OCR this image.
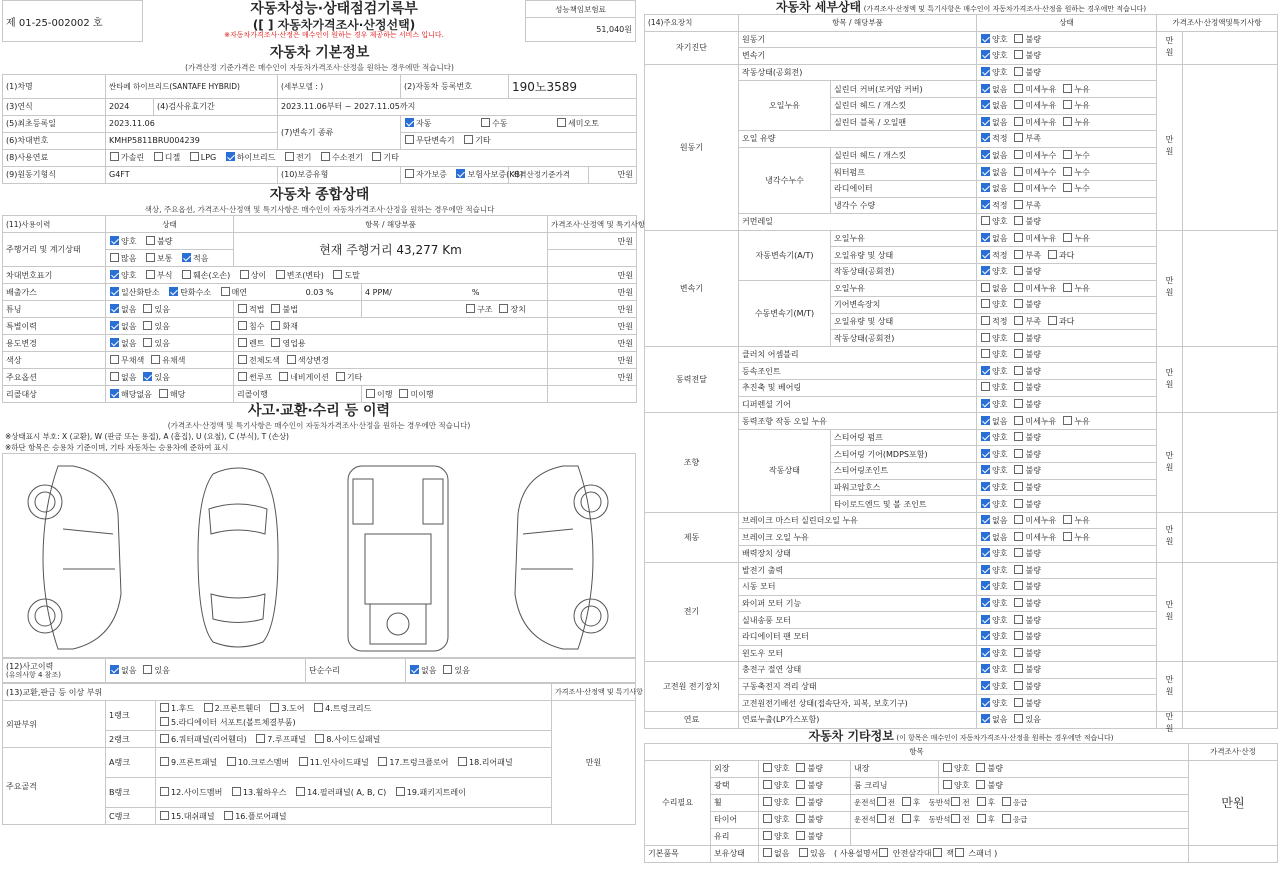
제 01-25-002002 호	자동차성능·상태점검기록부	성능책임보험료

	([ ] 자동차가격조사·산정선택)
※자동차가격조사·산정은 매수인이 원하는 경우 제공하는 서비스 입니다.	51,040원
자동차 기본정보						
(가격산정 기준가격은 매수인이 자동차가격조사·산정을 원하는 경우에만 적습니다)						
(1)차명	싼타페 하이브리드(SANTAFE HYBRID)		(세부모델 : )	(2)자동차 등록번호	190노3589	
(3)연식	2024	(4)검사유효기간	2023.11.06부터 ~ 2027.11.05까지			
(5)최초등록일	2023.11.06		(7)변속기 종류	자동 수동 세미오토		
(6)차대번호	KMHP5811BRU004239			무단변속기 기타		
(8)사용연료	가솔린 디젤 LPG 하이브리드 전기 수소전기 기타					
(9)원동기형식	G4FT		(10)보증유형	자가보증 보험사보증(KB)	가격산정기준가격	만원
자동차 종합상태				
색상, 주요옵션, 가격조사·산정액 및 특기사항은 매수인이 자동차가격조사·산정을 원하는 경우에만 적습니다				
(11)사용이력	상태	항목 / 해당부품		가격조사·산정액 및 특기사항
주행거리 및 계기상태	양호 불량	현재 주행거리 43,277 Km		만원
	많음 보통 적음			
차대번호표기	양호 부식 훼손(오손) 상이 변조(변타) 도말			만원
배출가스	일산화탄소 탄화수소 매연 0.03 %		4 PPM/ %	만원
튜닝	없음 있음	적법 불법	구조 장치	만원
특별이력	없음 있음	침수 화재		만원
용도변경	없음 있음	렌트 영업용		만원
색상	무채색 유채색	전체도색 색상변경		만원
주요옵션	없음 있음	썬루프 네비게이션 기타		만원
리콜대상	해당없음 해당	리콜이행	이행 미이행	
사고·교환·수리 등 이력
(가격조사·산정액 및 특기사항은 매수인이 자동차가격조사·산정을 원하는 경우에만 적습니다)
※상태표시 부호: X (교환), W (판금 또는 용접), A (흠집), U (요철), C (부식), T (손상)
※하단 항목은 승용차 기준이며, 기타 자동차는 승용차에 준하여 표시
(12)사고이력
(유의사항 4 참조)	없음 있음	단순수리	없음 있음
(13)교환,판금 등 이상 부위			가격조사·산정액 및 특기사항
외판부위	1랭크	1.후드 2.프론트휀더 3.도어 4.트렁크리드
5.라디에이터 서포트(볼트체결부품)	만원
	2랭크	6.쿼터패널(리어휀더) 7.루프패널 8.사이드실패널	
주요골격	A랭크	9.프론트패널 10.크로스멤버 11.인사이드패널 17.트렁크플로어 18.리어패널	
	B랭크	12.사이드멤버 13.휠하우스 14.필러패널( A, B, C) 19.패키지트레이	
	C랭크	15.대쉬패널 16.플로어패널	
자동차 세부상태 (가격조사·산정액 및 특기사항은 매수인이 자동차가격조사·산정을 원하는 경우에만 적습니다)
(14)주요장치	항목 / 해당부품		상태	가격조사·산정액및특기사항	
자기진단	원동기		양호 불량	만원	
	변속기		양호 불량		
원동기	작동상태(공회전)		양호 불량	만원	
	오일누유	실린더 커버(로커암 커버)	없음 미세누유 누유		
		실린더 헤드 / 개스킷	없음 미세누유 누유		
		실린더 블록 / 오일팬	없음 미세누유 누유		
	오일 유량		적정 부족		
	냉각수누수	실린더 헤드 / 개스킷	없음 미세누수 누수		
		워터펌프	없음 미세누수 누수		
		라디에이터	없음 미세누수 누수		
		냉각수 수량	적정 부족		
	커먼레일		양호 불량		
변속기	자동변속기(A/T)	오일누유	없음 미세누유 누유	만원	
		오일유량 및 상태	적정 부족 과다		
		작동상태(공회전)	양호 불량		
	수동변속기(M/T)	오일누유	없음 미세누유 누유		
		기어변속장치	양호 불량		
		오일유량 및 상태	적정 부족 과다		
		작동상태(공회전)	양호 불량		
동력전달	클러치 어셈블리		양호 불량	만원	
	등속조인트		양호 불량		
	추진축 및 베어링		양호 불량		
	디퍼렌셜 기어		양호 불량		
조향	동력조향 작동 오일 누유		없음 미세누유 누유	만원	
	작동상태	스티어링 펌프	양호 불량		
		스티어링 기어(MDPS포함)	양호 불량		
		스티어링조인트	양호 불량		
		파워고압호스	양호 불량		
		타이로드엔드 및 볼 조인트	양호 불량		
제동	브레이크 마스터 실린더오일 누유		없음 미세누유 누유	만원	
	브레이크 오일 누유		없음 미세누유 누유		
	배력장치 상태		양호 불량		
전기	발전기 출력		양호 불량	만원	
	시동 모터		양호 불량		
	와이퍼 모터 기능		양호 불량		
	실내송풍 모터		양호 불량		
	라디에이터 팬 모터		양호 불량		
	윈도우 모터		양호 불량		
고전원 전기장치	충전구 절연 상태		양호 불량	만원	
	구동축전지 격리 상태		양호 불량		
	고전원전기배선 상태(접속단자, 피복, 보호기구)		양호 불량		
연료	연료누출(LP가스포함)		없음 있음	만원	
자동차 기타정보 (이 항목은 매수인이 자동차가격조사·산정을 원하는 경우에만 적습니다)
항목					가격조사·산정
수리필요	외장	양호 불량	내장	양호 불량	만원
	광택	양호 불량	룸 크리닝	양호 불량	
	휠	양호 불량	운전석 전 후 동반석 전 후 응급		
	타이어	양호 불량	운전석 전 후 동반석 전 후 응급		
	유리	양호 불량			
기본품목	보유상태	없음 있음 ( 사용설명서 안전삼각대 잭 스패너 )			
